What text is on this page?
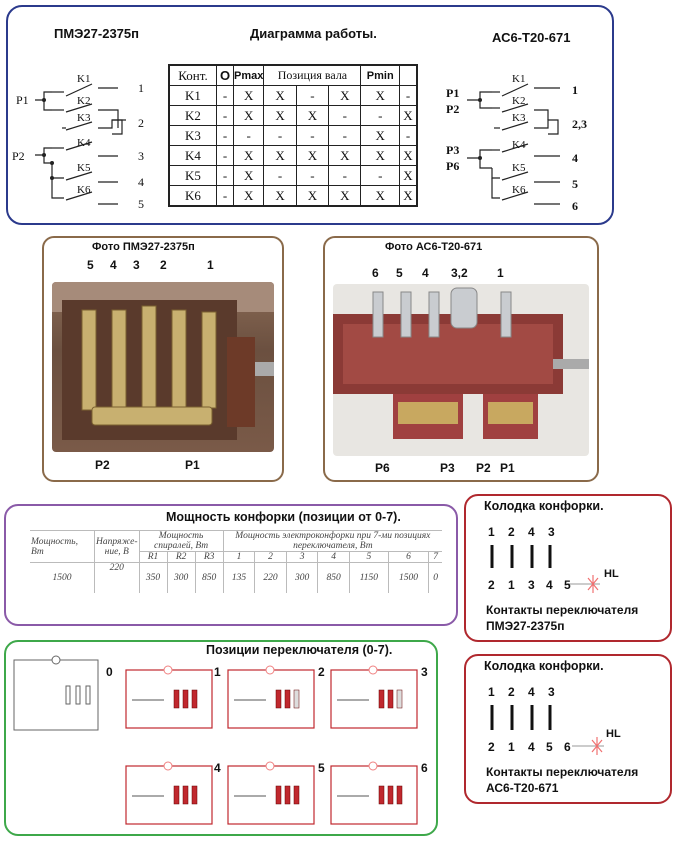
ПМЭ27-2375п	Диаграмма работы.	АС6-Т20-671
K1
K2
K3
K4
K5
K6
P1
P2
1
2
3
4
5
K1
K2
K3
K4
K5
K6
P1
P2
P3
P6
1
2,3
4
5
6
Конт.	O	Pmax	Позиция вала			Pmin	
K1	-	X	X	-	X	X	-
K2	-	X	X	X	-	-	X
K3	-	-	-	-	-	X	-
K4	-	X	X	X	X	X	X
K5	-	X	-	-	-	-	X
K6	-	X	X	X	X	X	X
Фото ПМЭ27-2375п
5 4 3 2	1
P2	P1
Фото АС6-Т20-671
6 5 4 3,2 1
P6	P3 P2 P1
Мощность конфорки (позиции от 0-7).
Мощность, Вт	Напряже-ние, В	Мощность спиралей, Вт			Мощность электроконфорки при 7-ми позициях переключателя, Вт						
		R1	R2	R3	1	2	3	4	5	6	7
1500	220	350	300	850	135	220	300	850	1150	1500	0
Колодка конфорки.
1 2 4 3
2 1 3 4 5
HL
Контакты переключателя
ПМЭ27-2375п
Колодка конфорки.
1 2 4 3
2 1 4 5 6
HL
Контакты переключателя
АС6-Т20-671
Позиции переключателя (0-7).
0	1	2	3
4	5	6
